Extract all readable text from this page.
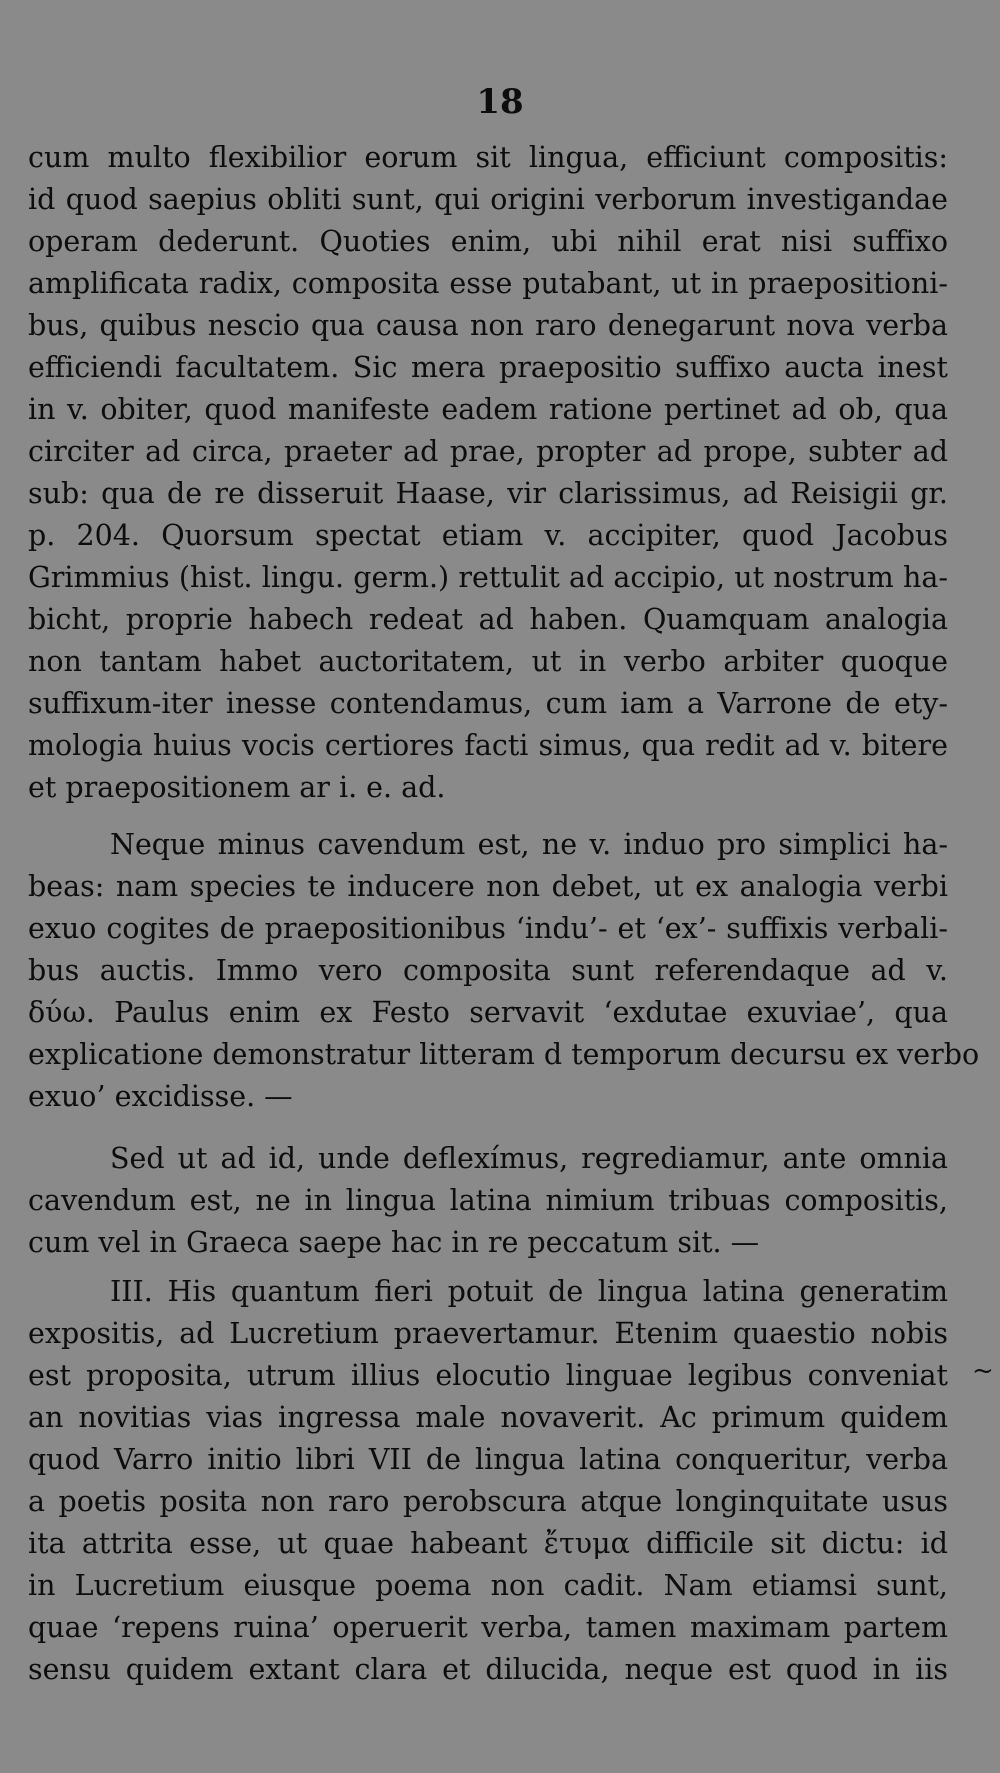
18
cum multo flexibilior eorum sit lingua, efficiunt compositis:
id quod saepius obliti sunt, qui origini verborum investigandae
operam dederunt. Quoties enim, ubi nihil erat nisi suffixo
amplificata radix, composita esse putabant, ut in praepositioni-
bus, quibus nescio qua causa non raro denegarunt nova verba
efficiendi facultatem. Sic mera praepositio suffixo aucta inest
in v. obiter, quod manifeste eadem ratione pertinet ad ob, qua
circiter ad circa, praeter ad prae, propter ad prope, subter ad
sub: qua de re disseruit Haase, vir clarissimus, ad Reisigii gr.
p. 204. Quorsum spectat etiam v. accipiter, quod Jacobus
Grimmius (hist. lingu. germ.) rettulit ad accipio, ut nostrum ha-
bicht, proprie habech redeat ad haben. Quamquam analogia
non tantam habet auctoritatem, ut in verbo arbiter quoque
suffixum-iter inesse contendamus, cum iam a Varrone de ety-
mologia huius vocis certiores facti simus, qua redit ad v. bitere
et praepositionem ar i. e. ad.
Neque minus cavendum est, ne v. induo pro simplici ha-
beas: nam species te inducere non debet, ut ex analogia verbi
exuo cogites de praepositionibus ‘indu’- et ‘ex’- suffixis verbali-
bus auctis. Immo vero composita sunt referendaque ad v.
δύω. Paulus enim ex Festo servavit ‘exdutae exuviae’, qua
explicatione demonstratur litteram d temporum decursu ex verbo
exuo’ excidisse. —
Sed ut ad id, unde deflexímus, regrediamur, ante omnia
cavendum est, ne in lingua latina nimium tribuas compositis,
cum vel in Graeca saepe hac in re peccatum sit. —
III. His quantum fieri potuit de lingua latina generatim
expositis, ad Lucretium praevertamur. Etenim quaestio nobis
est proposita, utrum illius elocutio linguae legibus conveniat
an novitias vias ingressa male novaverit. Ac primum quidem
quod Varro initio libri VII de lingua latina conqueritur, verba
a poetis posita non raro perobscura atque longinquitate usus
ita attrita esse, ut quae habeant ἔτυμα difficile sit dictu: id
in Lucretium eiusque poema non cadit. Nam etiamsi sunt,
quae ‘repens ruina’ operuerit verba, tamen maximam partem
sensu quidem extant clara et dilucida, neque est quod in iis
~
